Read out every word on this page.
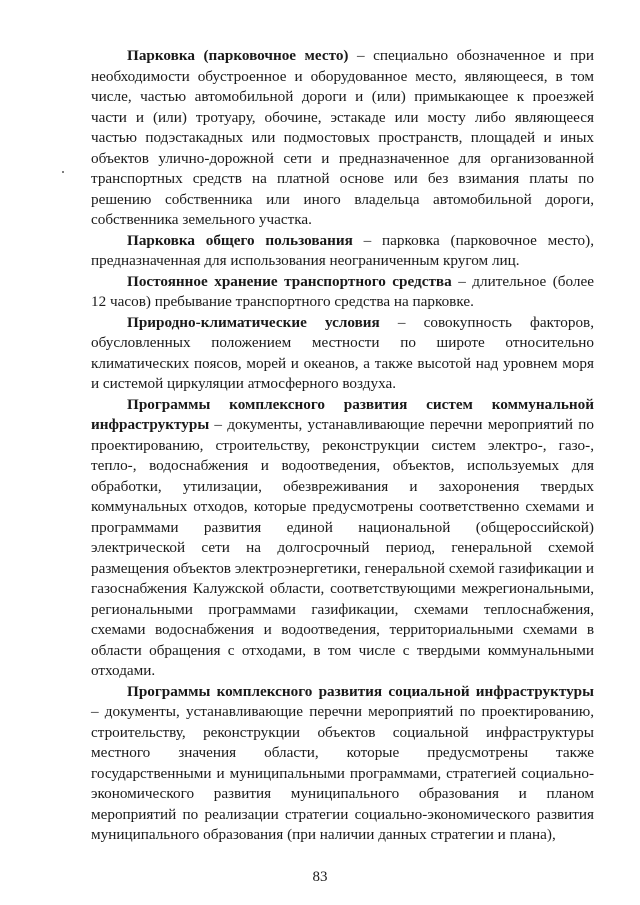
Парковка (парковочное место) – специально обозначенное и при необходимости обустроенное и оборудованное место, являющееся, в том числе, частью автомобильной дороги и (или) примыкающее к проезжей части и (или) тротуару, обочине, эстакаде или мосту либо являющееся частью подэстакадных или подмостовых пространств, площадей и иных объектов улично-дорожной сети и предназначенное для организованной транспортных средств на платной основе или без взимания платы по решению собственника или иного владельца автомобильной дороги, собственника земельного участка.

Парковка общего пользования – парковка (парковочное место), предназначенная для использования неограниченным кругом лиц.

Постоянное хранение транспортного средства – длительное (более 12 часов) пребывание транспортного средства на парковке.

Природно-климатические условия – совокупность факторов, обусловленных положением местности по широте относительно климатических поясов, морей и океанов, а также высотой над уровнем моря и системой циркуляции атмосферного воздуха.

Программы комплексного развития систем коммунальной инфраструктуры – документы, устанавливающие перечни мероприятий по проектированию, строительству, реконструкции систем электро-, газо-, тепло-, водоснабжения и водоотведения, объектов, используемых для обработки, утилизации, обезвреживания и захоронения твердых коммунальных отходов, которые предусмотрены соответственно схемами и программами развития единой национальной (общероссийской) электрической сети на долгосрочный период, генеральной схемой размещения объектов электроэнергетики, генеральной схемой газификации и газоснабжения Калужской области, соответствующими межрегиональными, региональными программами газификации, схемами теплоснабжения, схемами водоснабжения и водоотведения, территориальными схемами в области обращения с отходами, в том числе с твердыми коммунальными отходами.

Программы комплексного развития социальной инфраструктуры – документы, устанавливающие перечни мероприятий по проектированию, строительству, реконструкции объектов социальной инфраструктуры местного значения области, которые предусмотрены также государственными и муниципальными программами, стратегией социально-экономического развития муниципального образования и планом мероприятий по реализации стратегии социально-экономического развития муниципального образования (при наличии данных стратегии и плана),

83
